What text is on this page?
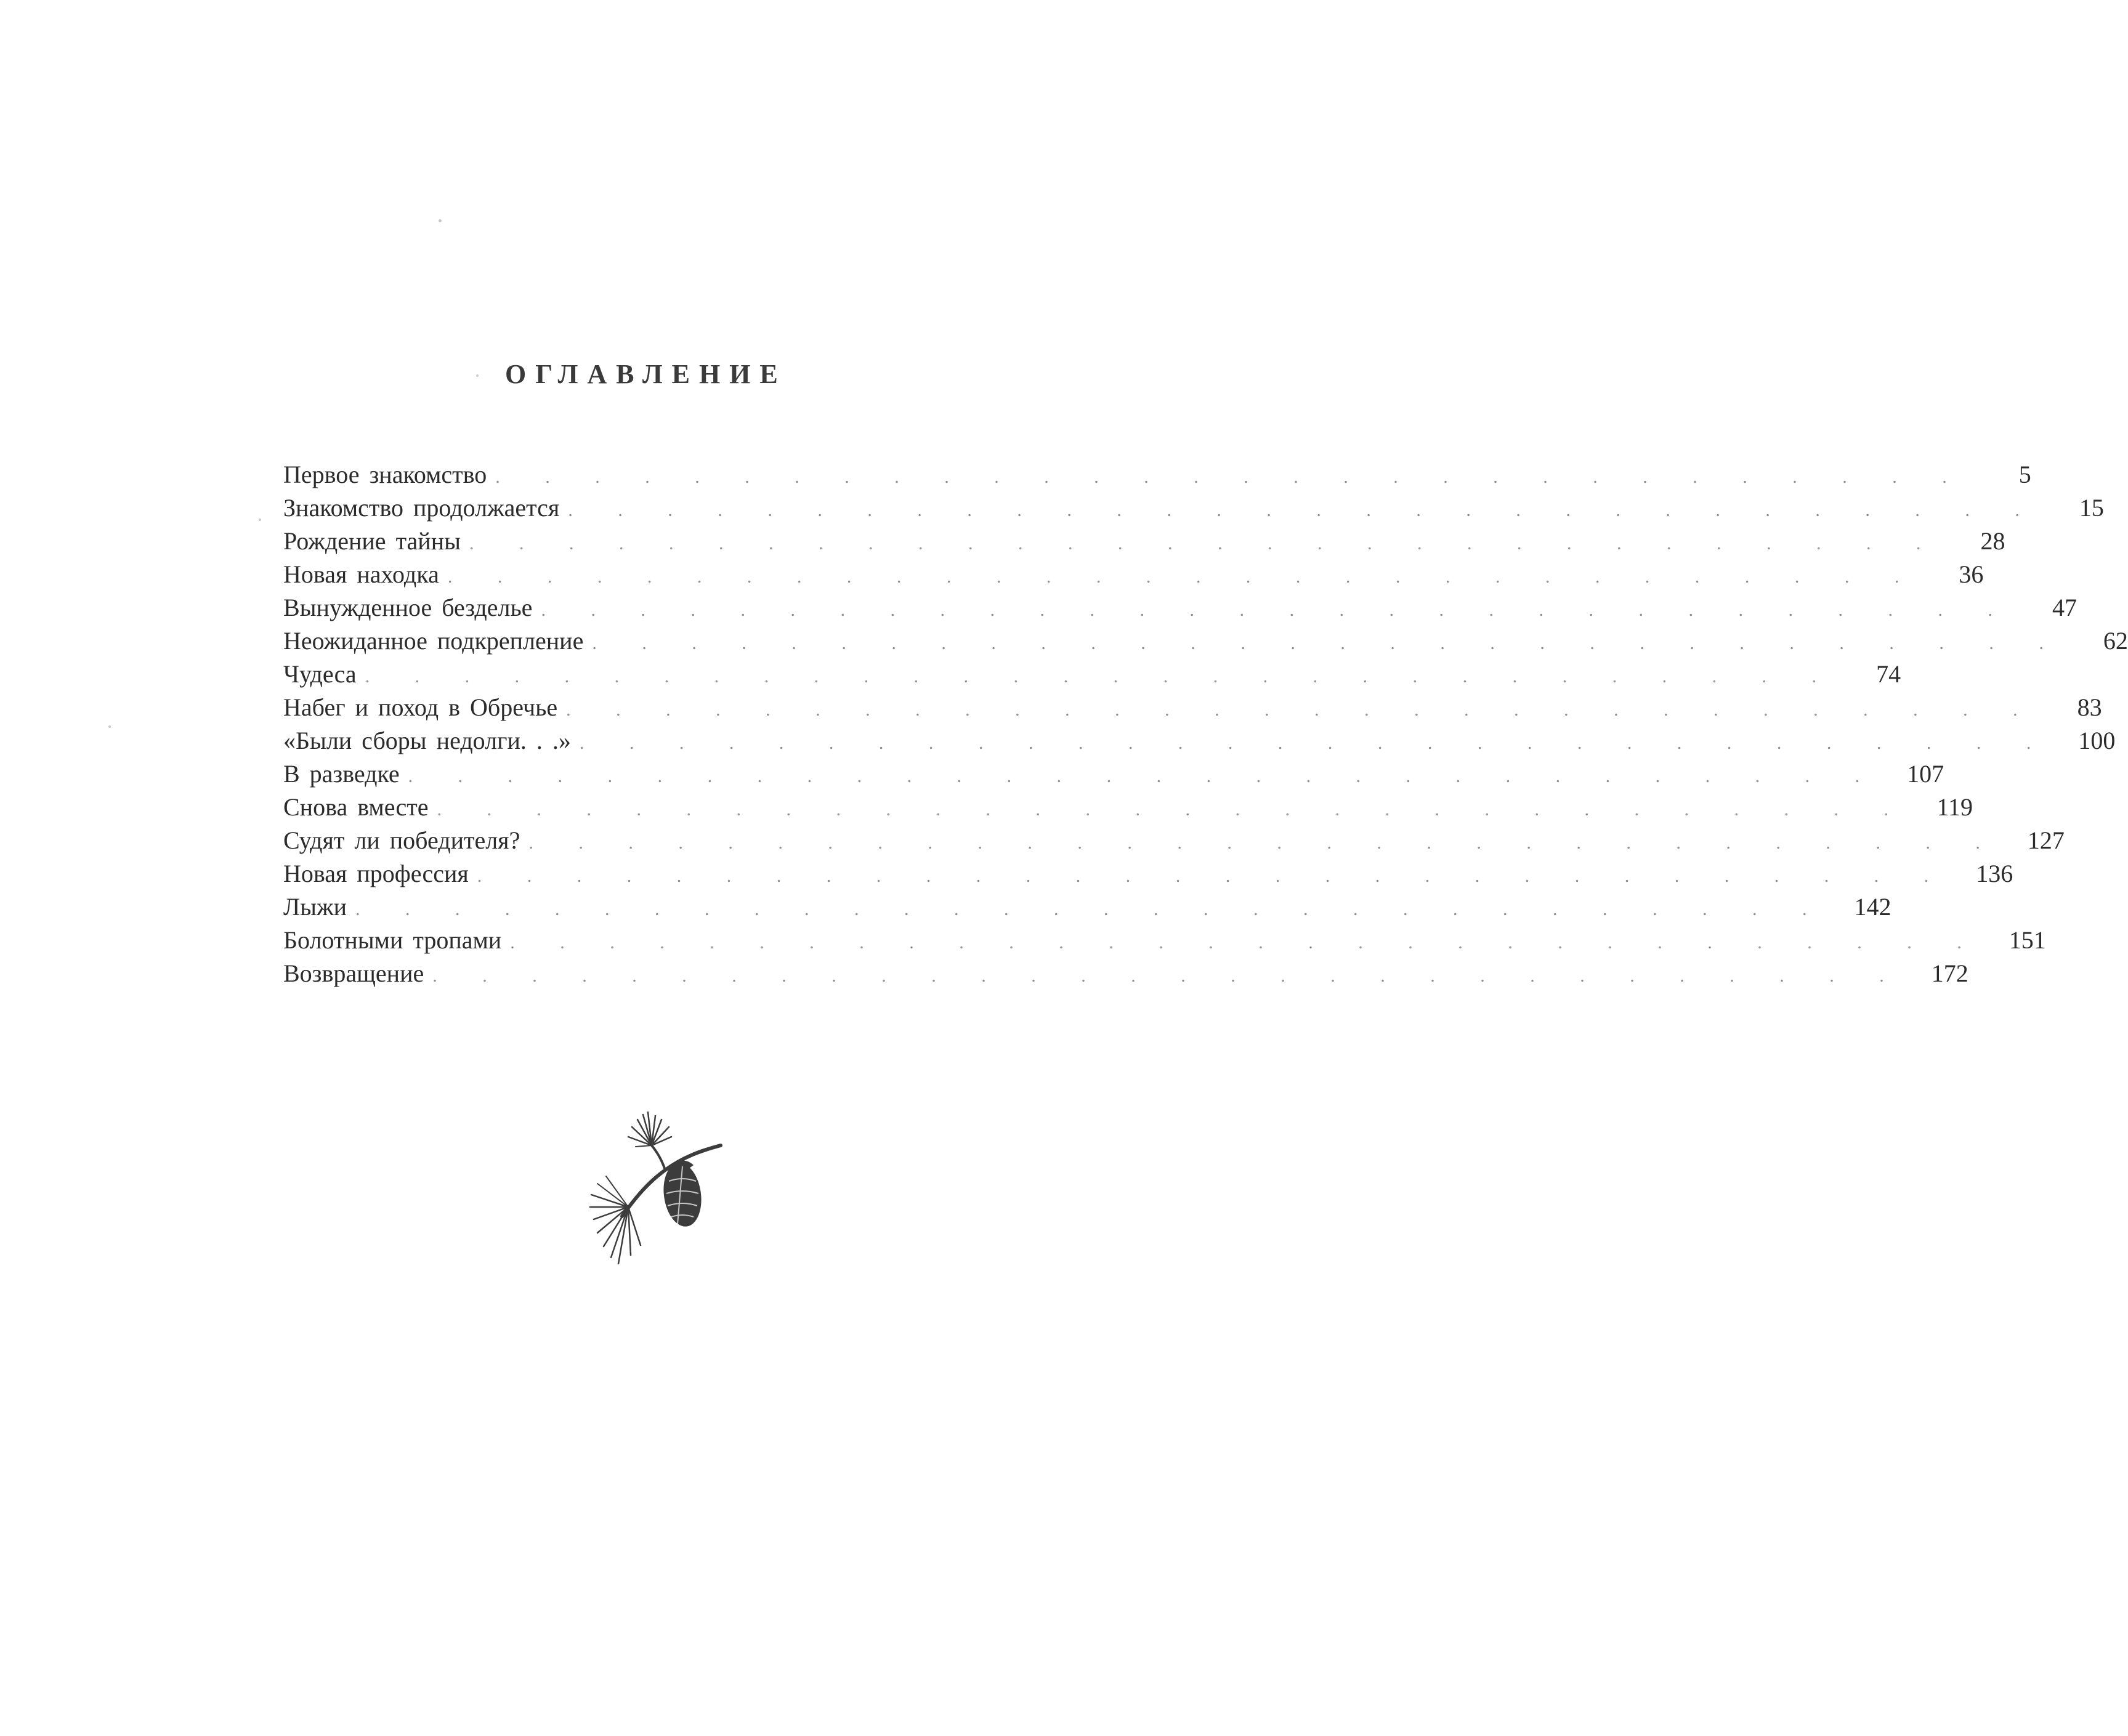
ОГЛАВЛЕНИЕ
Первое знакомство . . . . . . . . . . . . . . . . . . . . . . . . . . . . . .	5
Знакомство продолжается . . . . . . . . . . . . . . . . . . . . . . . . . . . . . .	15
Рождение тайны . . . . . . . . . . . . . . . . . . . . . . . . . . . . . .	28
Новая находка . . . . . . . . . . . . . . . . . . . . . . . . . . . . . .	36
Вынужденное безделье . . . . . . . . . . . . . . . . . . . . . . . . . . . . . .	47
Неожиданное подкрепление . . . . . . . . . . . . . . . . . . . . . . . . . . . . . .	62
Чудеса . . . . . . . . . . . . . . . . . . . . . . . . . . . . . .	74
Набег и поход в Обречье . . . . . . . . . . . . . . . . . . . . . . . . . . . . . .	83
«Были сборы недолги. . .» . . . . . . . . . . . . . . . . . . . . . . . . . . . . . .	100
В разведке . . . . . . . . . . . . . . . . . . . . . . . . . . . . . .	107
Снова вместе . . . . . . . . . . . . . . . . . . . . . . . . . . . . . .	119
Судят ли победителя? . . . . . . . . . . . . . . . . . . . . . . . . . . . . . .	127
Новая профессия . . . . . . . . . . . . . . . . . . . . . . . . . . . . . .	136
Лыжи . . . . . . . . . . . . . . . . . . . . . . . . . . . . . .	142
Болотными тропами . . . . . . . . . . . . . . . . . . . . . . . . . . . . . .	151
Возвращение . . . . . . . . . . . . . . . . . . . . . . . . . . . . . .	172
